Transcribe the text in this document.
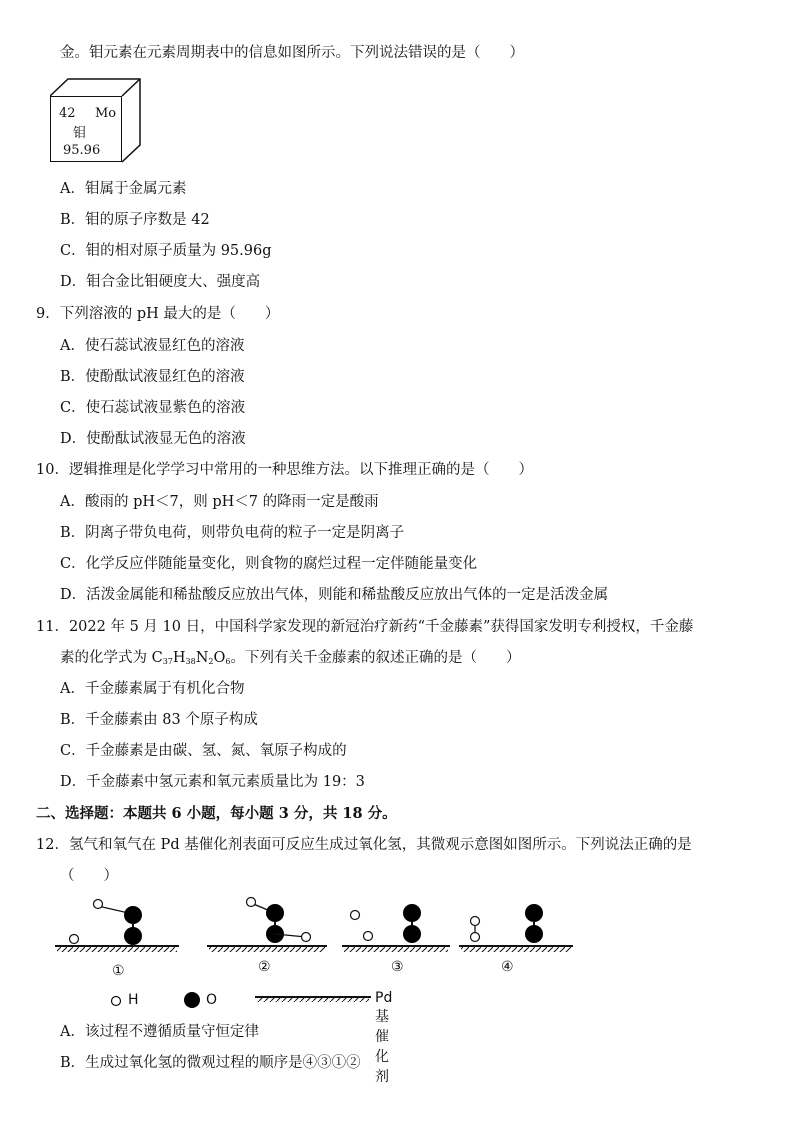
金。钼元素在元素周期表中的信息如图所示。下列说法错误的是（　　）
42 Mo
钼
95.96
A．钼属于金属元素
B．钼的原子序数是 42
C．钼的相对原子质量为 95.96g
D．钼合金比钼硬度大、强度高
9．下列溶液的 pH 最大的是（　　）
A．使石蕊试液显红色的溶液
B．使酚酞试液显红色的溶液
C．使石蕊试液显紫色的溶液
D．使酚酞试液显无色的溶液
10．逻辑推理是化学学习中常用的一种思维方法。以下推理正确的是（　　）
A．酸雨的 pH＜7，则 pH＜7 的降雨一定是酸雨
B．阴离子带负电荷，则带负电荷的粒子一定是阴离子
C．化学反应伴随能量变化，则食物的腐烂过程一定伴随能量变化
D．活泼金属能和稀盐酸反应放出气体，则能和稀盐酸反应放出气体的一定是活泼金属
11．2022 年 5 月 10 日，中国科学家发现的新冠治疗新药“千金藤素”获得国家发明专利授权，千金藤
素的化学式为 $C_{37}H_{38}N_2O_6$。下列有关千金藤素的叙述正确的是（　　）
A．千金藤素属于有机化合物
B．千金藤素由 83 个原子构成
C．千金藤素是由碳、氢、氮、氧原子构成的
D．千金藤素中氢元素和氧元素质量比为 19：3
二、选择题：本题共 6 小题，每小题 3 分，共 18 分。
12．氢气和氧气在 Pd 基催化剂表面可反应生成过氧化氢，其微观示意图如图所示。下列说法正确的是
（　　）
①	②	③	④
H	O	Pd基催化剂
A．该过程不遵循质量守恒定律
B．生成过氧化氢的微观过程的顺序是④③①②
